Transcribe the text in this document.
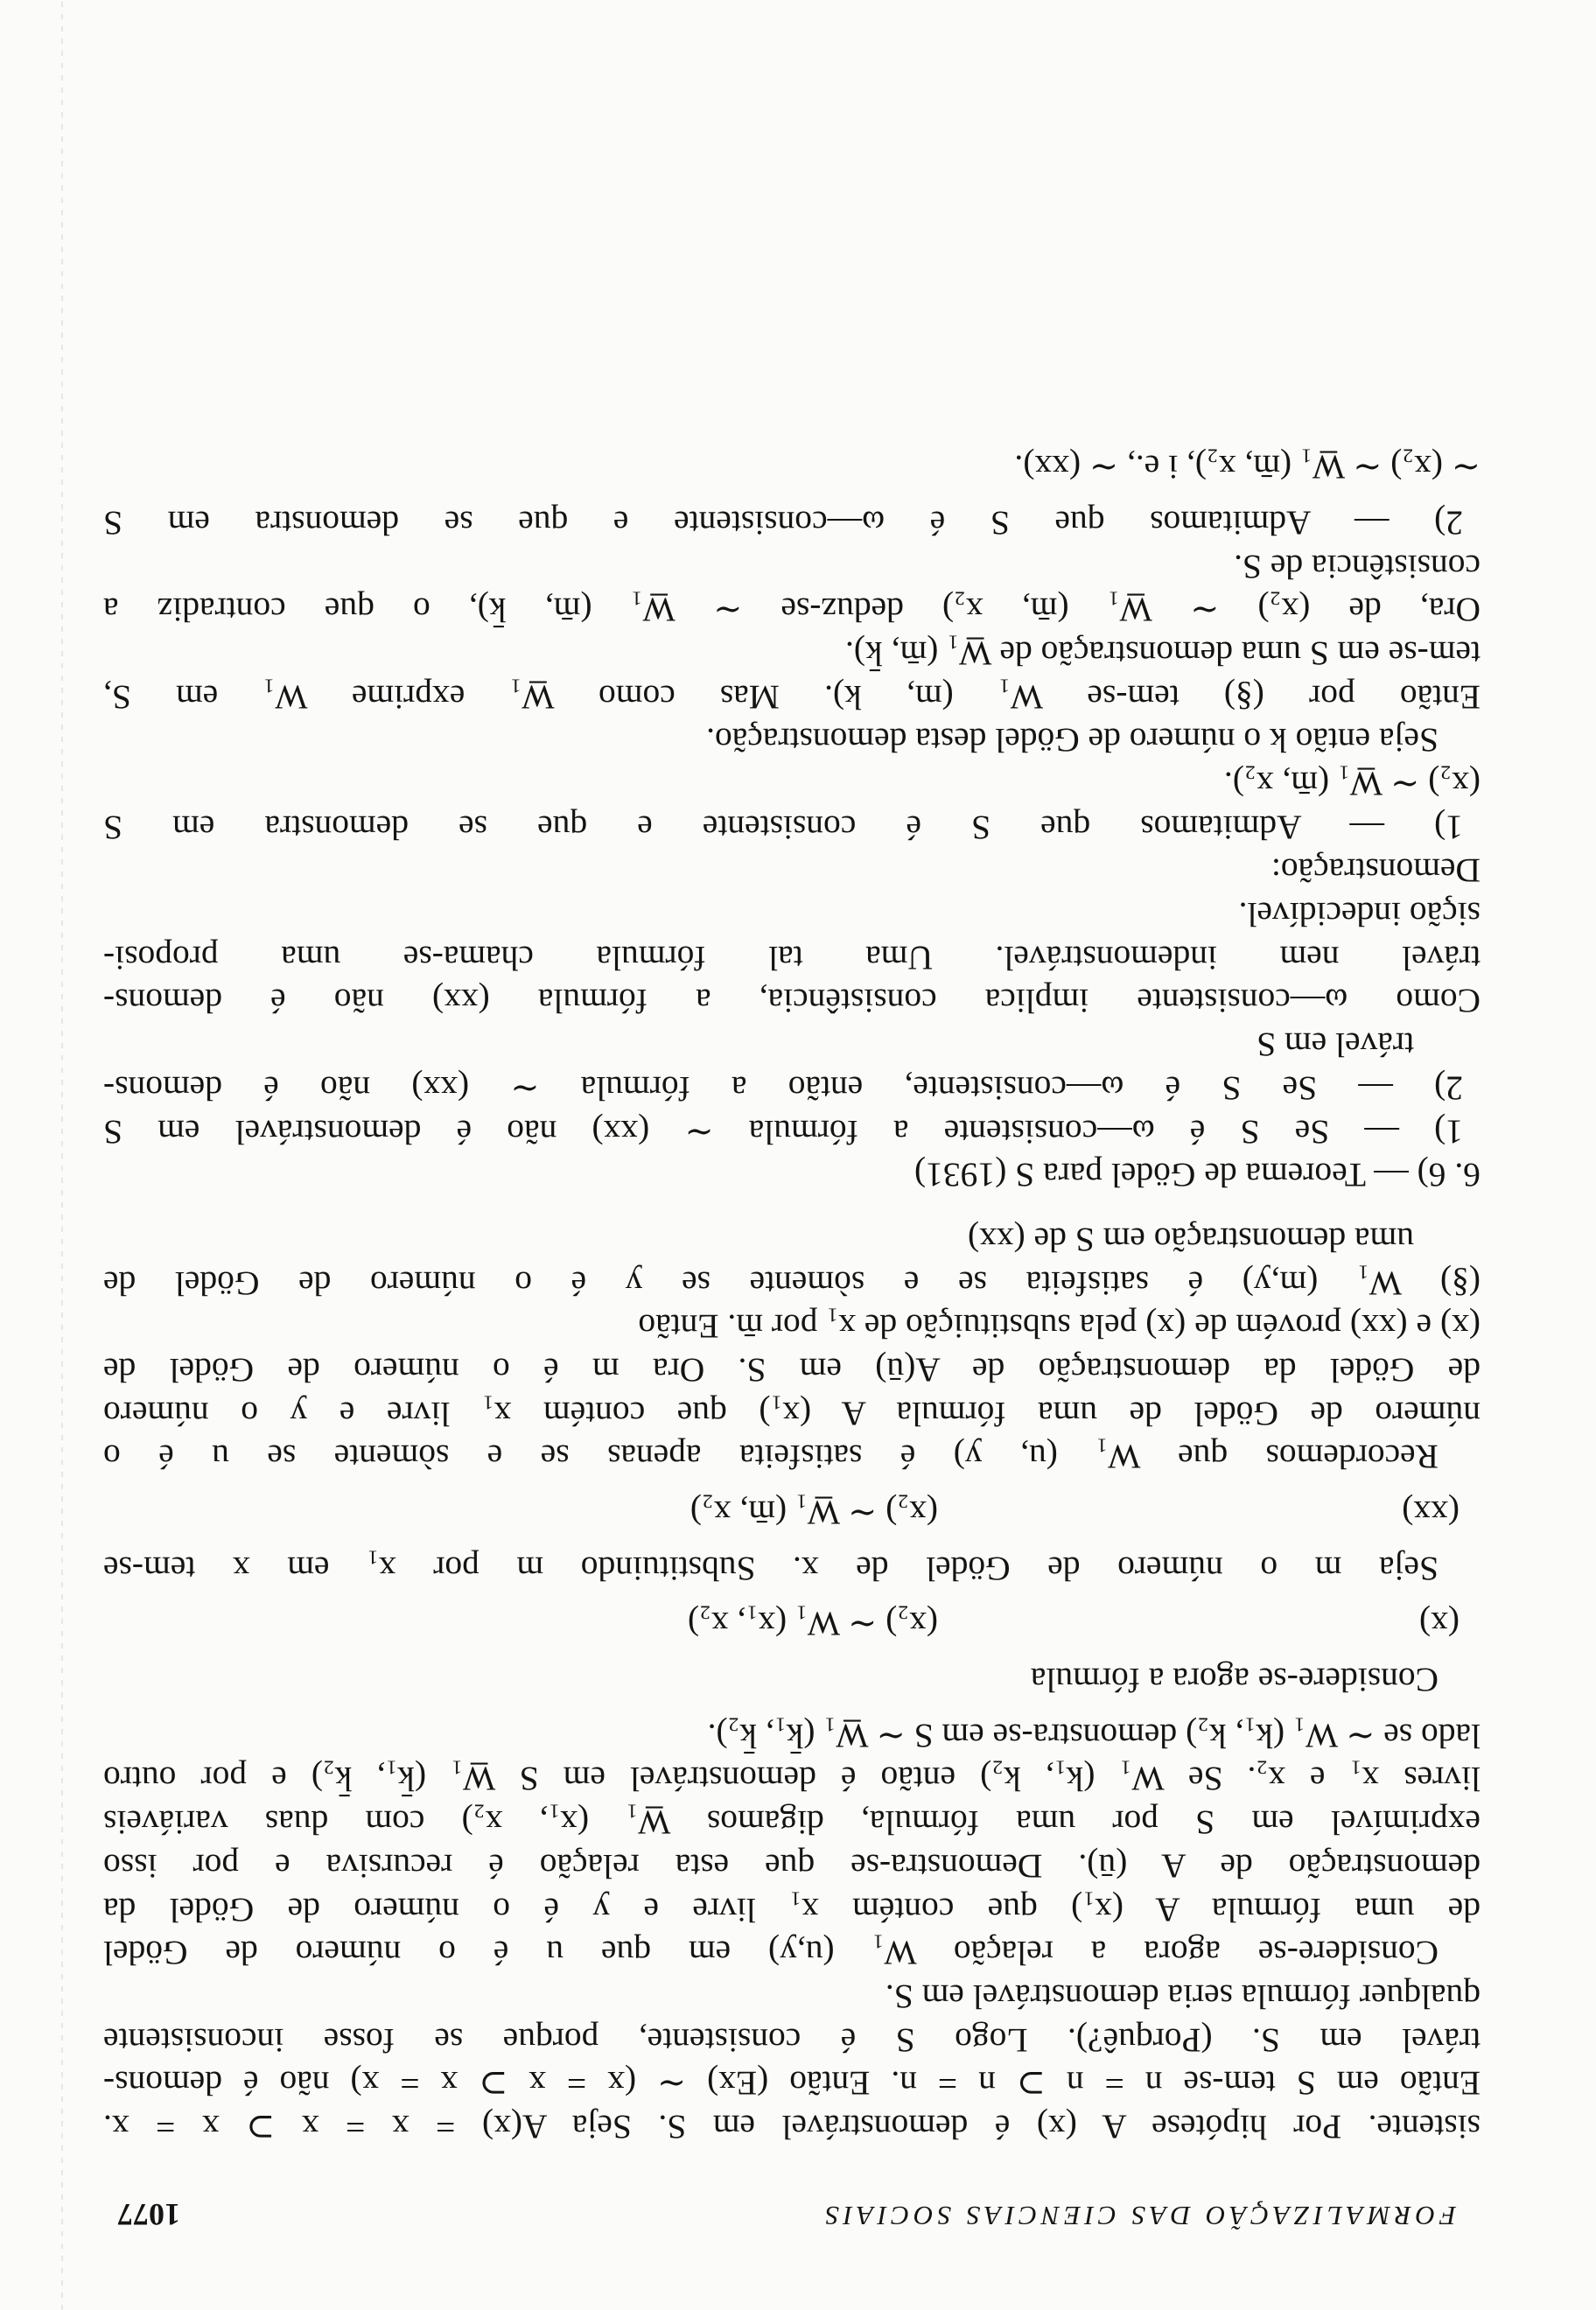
FORMALIZAÇÃO DAS CIENCIAS SOCIAIS
1077
sistente. Por hipótese A (x) é demonstrável em S. Seja A(x) = x = x ⊃ x = x.
Então em S tem-se n = n ⊃ n = n. Então (Ex) ∼ (x = x ⊃ x = x) não é demons-
trável em S. (Porquê?). Logo S é consistente, porque se fosse inconsistente
qualquer fórmula seria demonstrável em S.
Considere-se agora a relação W₁ (u,y) em que u é o número de Gödel
de uma fórmula A (x₁) que contém x₁ livre e y é o número de Gödel da
demonstração de A (ū). Demonstra-se que esta relação é recursiva e por isso
exprimível em S por uma fórmula, digamos W̲₁ (x₁, x₂) com duas variáveis
livres x₁ e x₂. Se W₁ (k₁, k₂) então é demonstrável em S W̲₁ (k̄₁, k̄₂) e por outro
lado se ∼ W₁ (k₁, k₂) demonstra-se em S ∼ W̲₁ (k̄₁, k̄₂).
Considere-se agora a fórmula
(x)
(x₂) ∼ W₁ (x₁, x₂)
Seja m o número de Gödel de x. Substituindo m por x₁ em x tem-se
(xx)
(x₂) ∼ W̲₁ (m̄, x₂)
Recordemos que W₁ (u, y) é satisfeita apenas se e sòmente se u é o
número de Gödel de uma fórmula A (x₁) que contém x₁ livre e y o número
de Gödel da demonstração de A(ū) em S. Ora m é o número de Gödel de
(x) e (xx) provém de (x) pela substituição de x₁ por m̄. Então
(§) W₁ (m,y) é satisfeita se e sòmente se y é o número de Gödel de
uma demonstração em S de (xx)
6. 6) — Teorema de Gödel para S (1931)
1) — Se S é ω—consistente a fórmula ∼ (xx) não é demonstrável em S
2) — Se S é ω—consistente, então a fórmula ∼ (xx) não é demons-
trável em S
Como ω—consistente implica consistência, a fórmula (xx) não é demons-
trável nem indemonstrável. Uma tal fórmula chama-se uma proposi-
sição indecidível.
Demonstração:
1) — Admitamos que S é consistente e que se demonstra em S
(x₂) ∼ W̲₁ (m̄, x₂).
Seja então k o número de Gödel desta demonstração.
Então por (§) tem-se W₁ (m, k). Mas como W̲₁ exprime W₁ em S,
tem-se em S uma demonstração de W̲₁ (m̄, k̄).
Ora, de (x₂) ∼ W̲₁ (m̄, x₂) deduz-se ∼ W̲₁ (m̄, k̄), o que contradiz a
consistência de S.
2) — Admitamos que S é ω—consistente e que se demonstra em S
∼ (x₂) ∼ W̲₁ (m̄, x₂), i e., ∼ (xx).
